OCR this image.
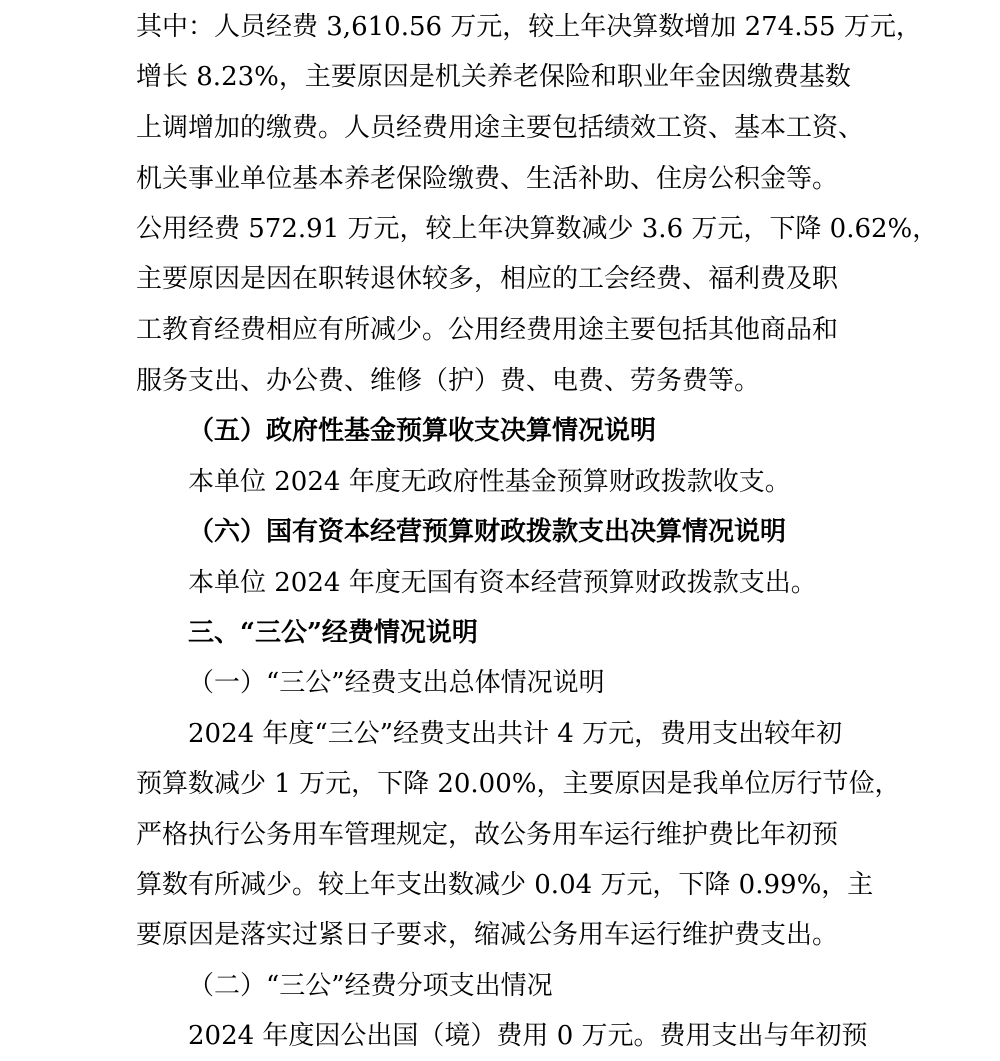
其中：人员经费 3,610.56 万元，较上年决算数增加 274.55 万元，
增长 8.23%，主要原因是机关养老保险和职业年金因缴费基数
上调增加的缴费。人员经费用途主要包括绩效工资、基本工资、
机关事业单位基本养老保险缴费、生活补助、住房公积金等。
公用经费 572.91 万元，较上年决算数减少 3.6 万元，下降 0.62%，
主要原因是因在职转退休较多，相应的工会经费、福利费及职
工教育经费相应有所减少。公用经费用途主要包括其他商品和
服务支出、办公费、维修（护）费、电费、劳务费等。
（五）政府性基金预算收支决算情况说明
本单位 2024 年度无政府性基金预算财政拨款收支。
（六）国有资本经营预算财政拨款支出决算情况说明
本单位 2024 年度无国有资本经营预算财政拨款支出。
三、“三公”经费情况说明
（一）“三公”经费支出总体情况说明
2024 年度“三公”经费支出共计 4 万元，费用支出较年初
预算数减少 1 万元，下降 20.00%，主要原因是我单位厉行节俭，
严格执行公务用车管理规定，故公务用车运行维护费比年初预
算数有所减少。较上年支出数减少 0.04 万元，下降 0.99%，主
要原因是落实过紧日子要求，缩减公务用车运行维护费支出。
（二）“三公”经费分项支出情况
2024 年度因公出国（境）费用 0 万元。费用支出与年初预
